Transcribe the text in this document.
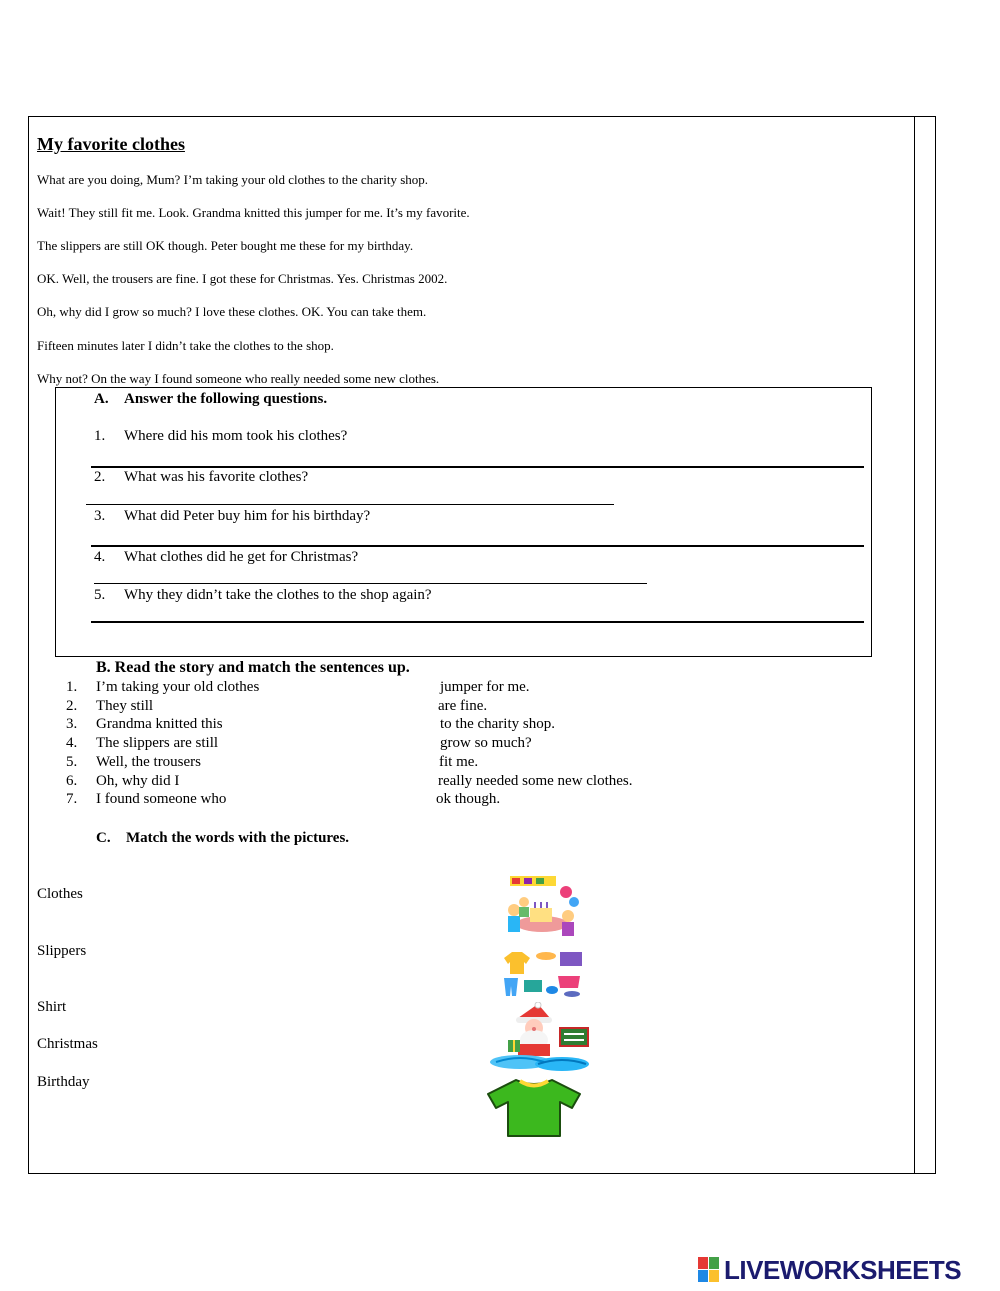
My favorite clothes
What are you doing, Mum? I’m taking your old clothes to the charity shop.
Wait! They still fit me. Look. Grandma knitted this jumper for me. It’s my favorite.
The slippers are still OK though. Peter bought me these for my birthday.
OK. Well, the trousers are fine. I got these for Christmas. Yes. Christmas 2002.
Oh, why did I grow so much? I love these clothes. OK. You can take them.
Fifteen minutes later I didn’t take the clothes to the shop.
Why not? On the way I found someone who really needed some new clothes.
A. Answer the following questions.
1. Where did his mom took his clothes?
2. What was his favorite clothes?
3. What did Peter buy him for his birthday?
4. What clothes did he get for Christmas?
5. Why they didn’t take the clothes to the shop again?
B. Read the story and match the sentences up.
1. I’m taking your old clothes
They still
2.
3. Grandma knitted this
4. The slippers are still
5. Well, the trousers
6. Oh, why did I
7. I found someone who
jumper for me.
are fine.
to the charity shop.
grow so much?
fit me.
really needed some new clothes.
ok though.
C. Match the words with the pictures.
Clothes
Slippers
Shirt
Christmas
Birthday
LIVEWORKSHEETS
